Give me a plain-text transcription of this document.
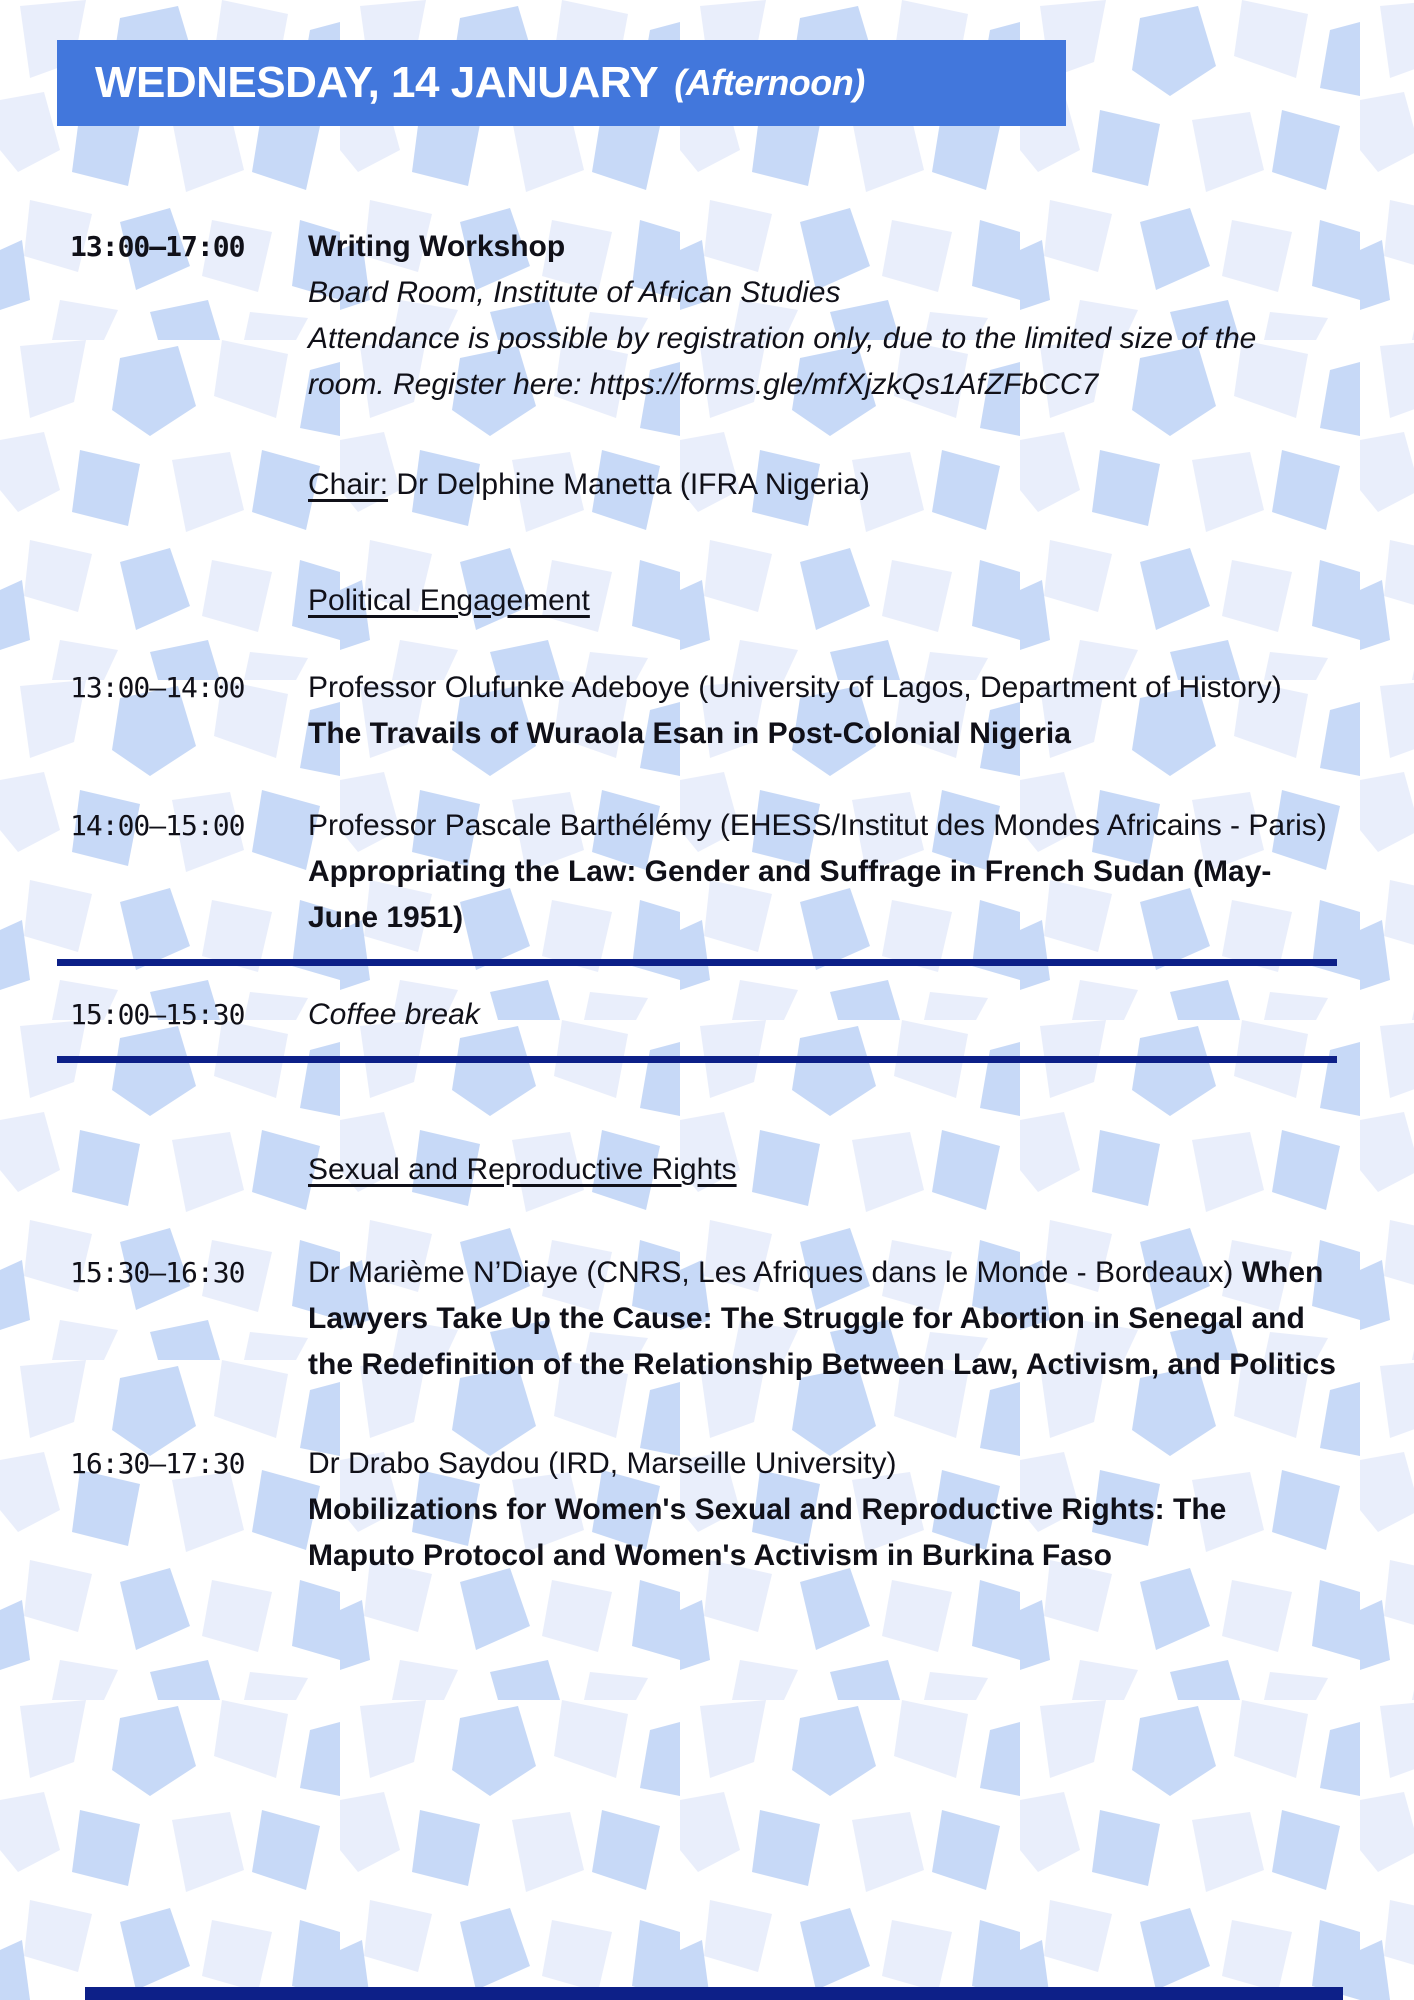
WEDNESDAY, 14 JANUARY (Afternoon)
13:00–17:00	Writing Workshop

Board Room, Institute of African Studies

Attendance is possible by registration only, due to the limited size of the room. Register here: https://forms.gle/mfXjzkQs1AfZFbCC7

Chair: Dr Delphine Manetta (IFRA Nigeria)

Political Engagement

13:00–14:00	Professor Olufunke Adeboye (University of Lagos, Department of History) The Travails of Wuraola Esan in Post-Colonial Nigeria

14:00–15:00	Professor Pascale Barthélémy (EHESS/Institut des Mondes Africains - Paris) Appropriating the Law: Gender and Suffrage in French Sudan (May-June 1951)

15:00–15:30	Coffee break

Sexual and Reproductive Rights

15:30–16:30	Dr Marième N’Diaye (CNRS, Les Afriques dans le Monde - Bordeaux) When Lawyers Take Up the Cause: The Struggle for Abortion in Senegal and the Redefinition of the Relationship Between Law, Activism, and Politics

16:30–17:30	Dr Drabo Saydou (IRD, Marseille University)

Mobilizations for Women's Sexual and Reproductive Rights: The Maputo Protocol and Women's Activism in Burkina Faso
